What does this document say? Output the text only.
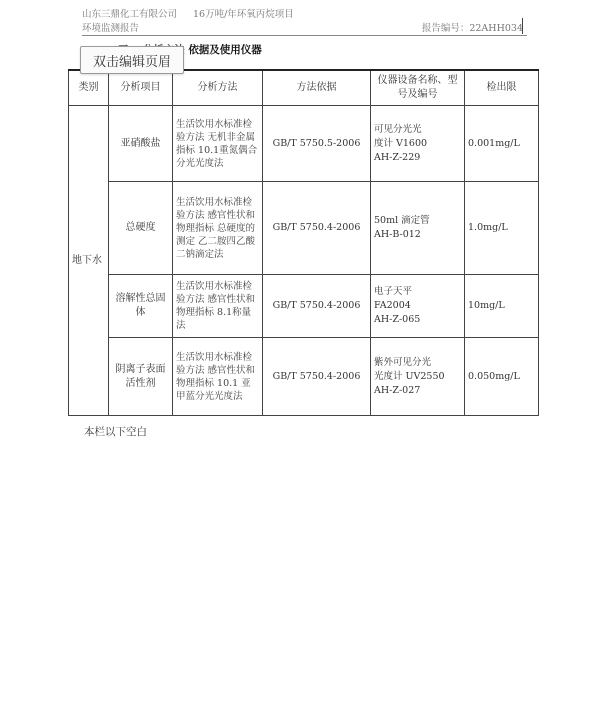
山东三鼎化工有限公司 16万吨/年环氧丙烷项目
环境监测报告	报告编号：22AHH034
依据及使用仪器
类别	分析项目	分析方法	方法依据	仪器设备名称、型号及编号	检出限
地下水	亚硝酸盐	生活饮用水标准检验方法 无机非金属指标 10.1重氮偶合分光光度法	GB/T 5750.5-2006	可见分光光
度计 V1600
AH-Z-229	0.001mg/L
	总硬度	生活饮用水标准检验方法 感官性状和物理指标 总硬度的测定 乙二胺四乙酸二钠滴定法	GB/T 5750.4-2006	50ml 滴定管
AH-B-012	1.0mg/L
	溶解性总固体	生活饮用水标准检验方法 感官性状和物理指标 8.1称量法	GB/T 5750.4-2006	电子天平
FA2004
AH-Z-065	10mg/L
	阴离子表面活性剂	生活饮用水标准检验方法 感官性状和物理指标 10.1 亚甲蓝分光光度法	GB/T 5750.4-2006	紫外可见分光
光度计 UV2550
AH-Z-027	0.050mg/L
双击编辑页眉
本栏以下空白
